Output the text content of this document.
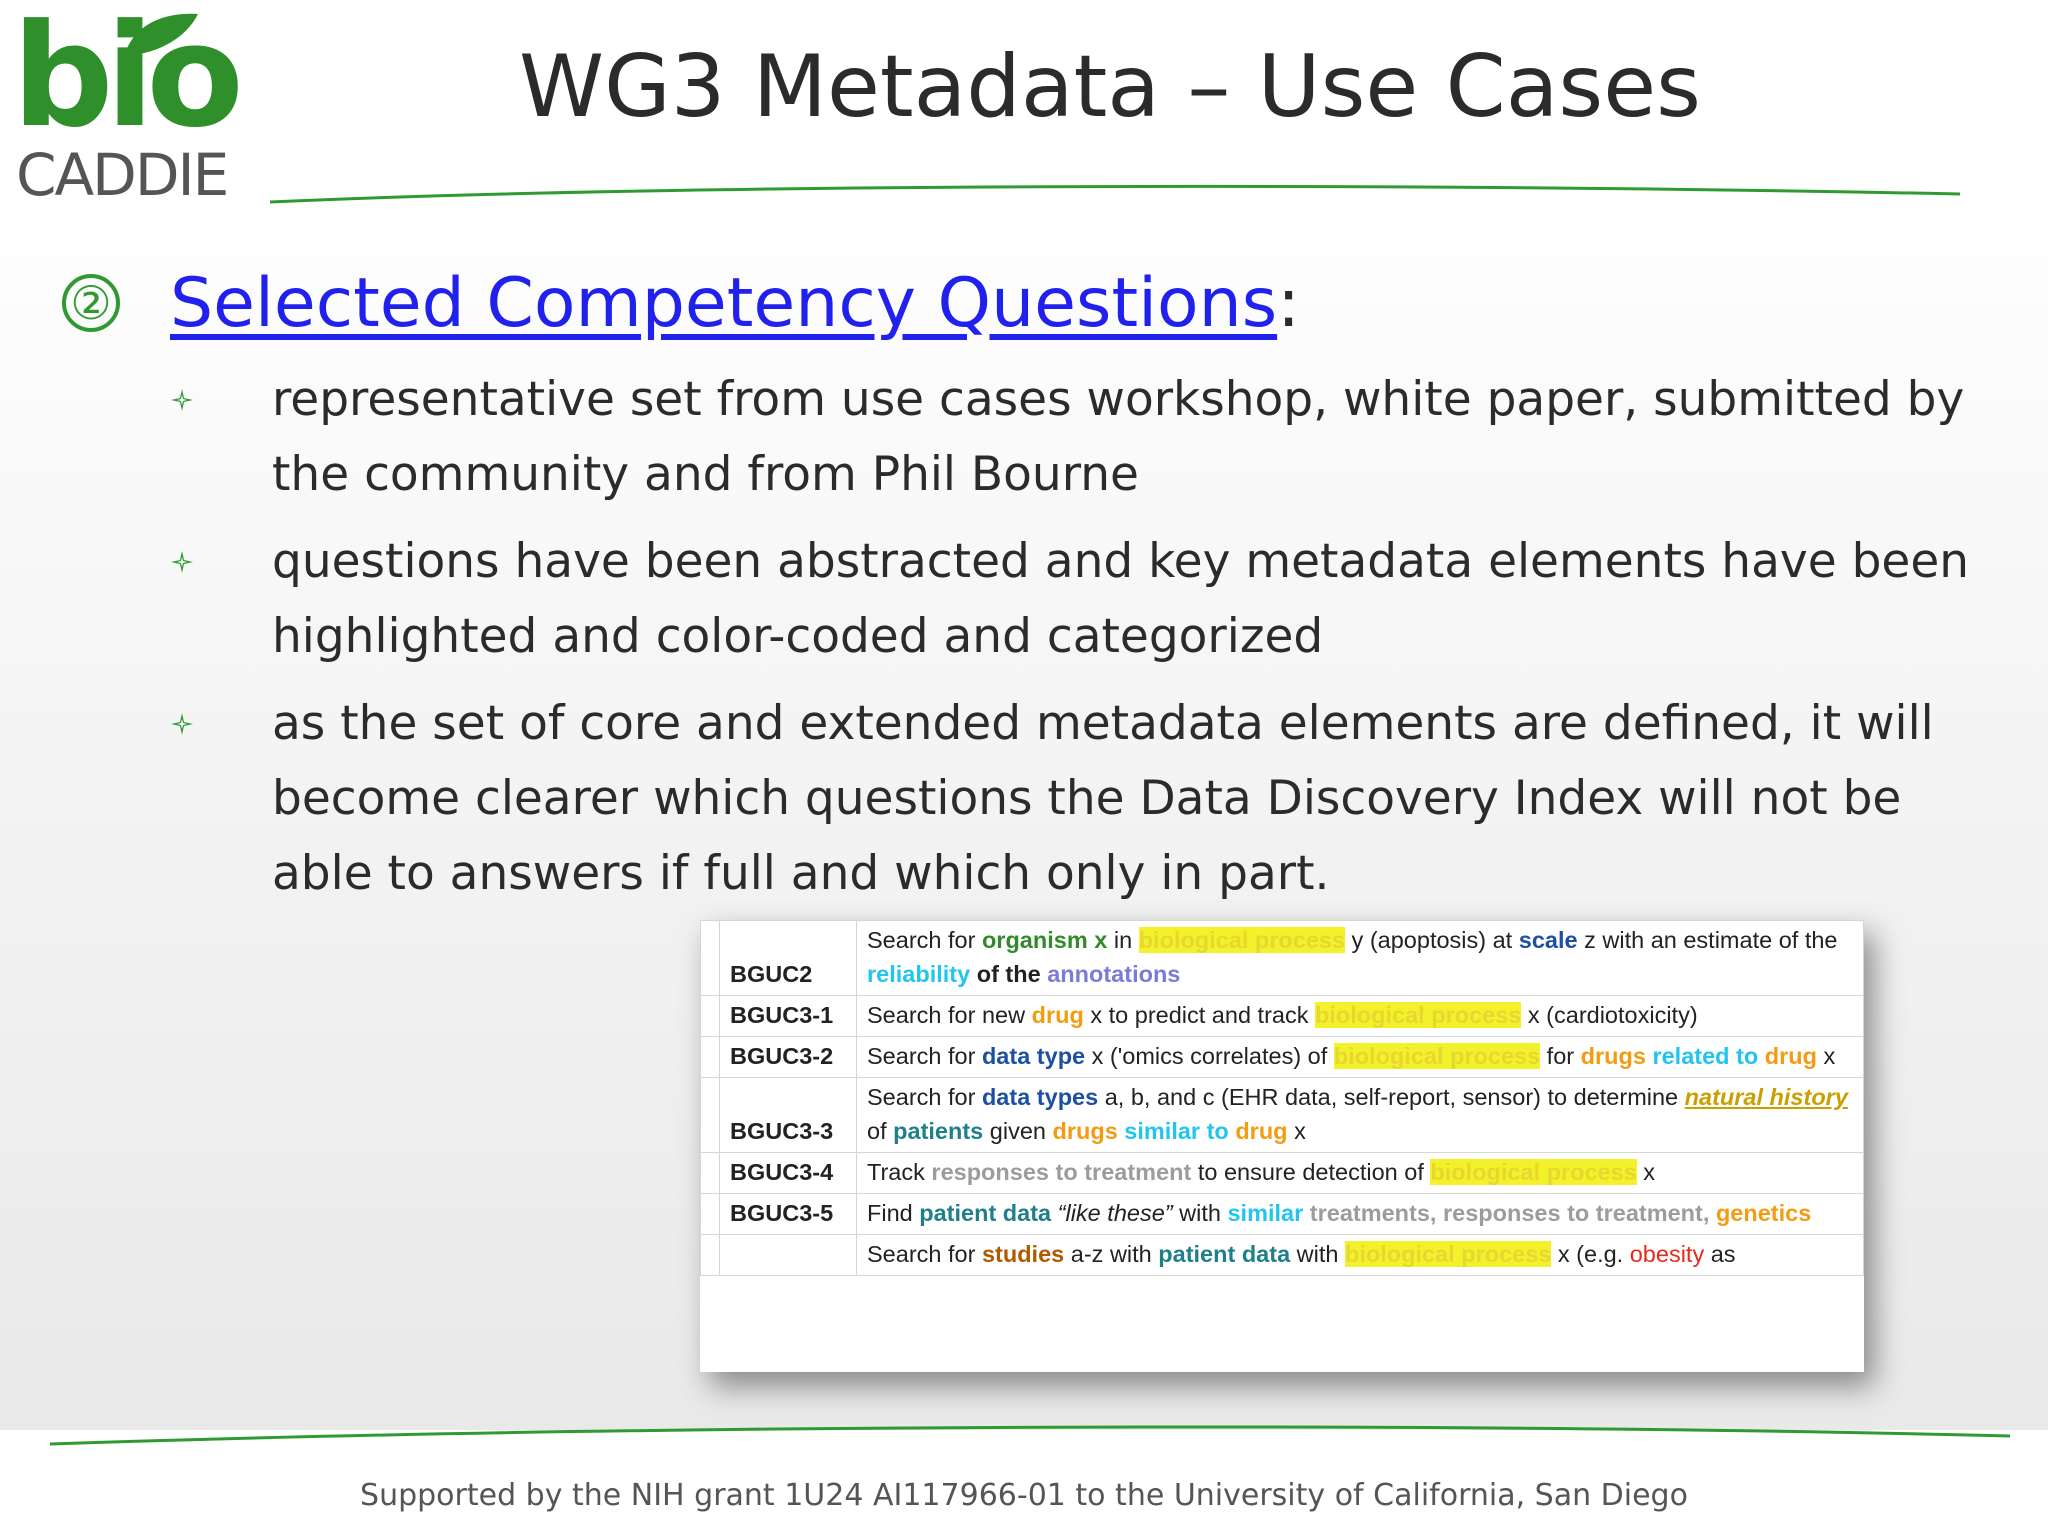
bio
CADDIE
WG3 Metadata – Use Cases
② Selected Competency Questions :
representative set from use cases workshop, white paper, submitted by the community and from Phil Bourne
questions have been abstracted and key metadata elements have been highlighted and color-coded and categorized
as the set of core and extended metadata elements are defined, it will become clearer which questions the Data Discovery Index will not be able to answers if full and which only in part.
	BGUC2	Search for organism x in biological process y (apoptosis) at scale z with an estimate of the reliability of the annotations
	BGUC3-1	Search for new drug x to predict and track biological process x (cardiotoxicity)
	BGUC3-2	Search for data type x ('omics correlates) of biological process for drugs related to drug x
	BGUC3-3	Search for data types a, b, and c (EHR data, self-report, sensor) to determine natural history of patients given drugs similar to drug x
	BGUC3-4	Track responses to treatment to ensure detection of biological process x
	BGUC3-5	Find patient data “like these” with similar treatments, responses to treatment, genetics
		Search for studies a-z with patient data with biological process x (e.g. obesity as
Supported by the NIH grant 1U24 AI117966-01 to the University of California, San Diego
